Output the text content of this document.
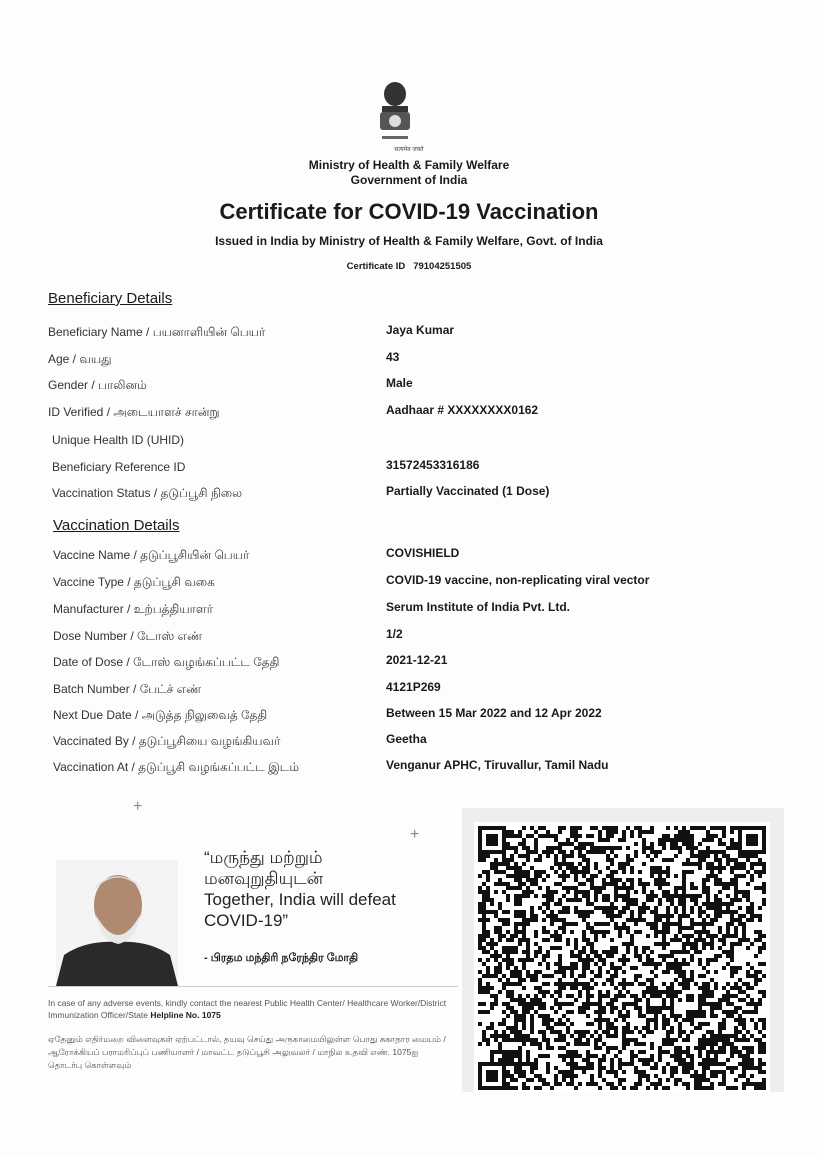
सत्यमेव जयते
Ministry of Health & Family Welfare
Government of India
Certificate for COVID-19 Vaccination
Issued in India by Ministry of Health & Family Welfare, Govt. of India
Certificate ID 79104251505
Beneficiary Details
Beneficiary Name / பயனாளியின் பெயர்	Jaya Kumar
Age / வயது	43
Gender / பாலினம்	Male
ID Verified / அடையாளச் சான்று	Aadhaar # XXXXXXXX0162
Unique Health ID (UHID)
Beneficiary Reference ID	31572453316186
Vaccination Status / தடுப்பூசி நிலை	Partially Vaccinated (1 Dose)
Vaccination Details
Vaccine Name / தடுப்பூசியின் பெயர்	COVISHIELD
Vaccine Type / தடுப்பூசி வகை	COVID-19 vaccine, non-replicating viral vector
Manufacturer / உற்பத்தியாளர்	Serum Institute of India Pvt. Ltd.
Dose Number / டோஸ் எண்	1/2
Date of Dose / டோஸ் வழங்கப்பட்ட தேதி	2021-12-21
Batch Number / பேட்ச் எண்	4121P269
Next Due Date / அடுத்த நிலுவைத் தேதி	Between 15 Mar 2022 and 12 Apr 2022
Vaccinated By / தடுப்பூசியை வழங்கியவர்	Geetha
Vaccination At / தடுப்பூசி வழங்கப்பட்ட இடம்	Venganur APHC, Tiruvallur, Tamil Nadu
+
+
“மருந்து மற்றும்
மனவுறுதியுடன்
Together, India will defeat
COVID-19”
- பிரதம மந்திரி நரேந்திர மோதி
In case of any adverse events, kindly contact the nearest Public Health Center/ Healthcare Worker/District Immunization Officer/State Helpline No. 1075
ஏதேனும் எதிர்மறை விளைவுகள் ஏற்பட்டால், தயவு செய்து அருகாமையிலுள்ள பொது சுகாதார மையம் / ஆரோக்கியப் பராமரிப்புப் பணியாளர் / மாவட்ட தடுப்பூசி அலுவலர் / மாநில உதவி எண். 1075ஐ தொடர்பு கொள்ளவும்
